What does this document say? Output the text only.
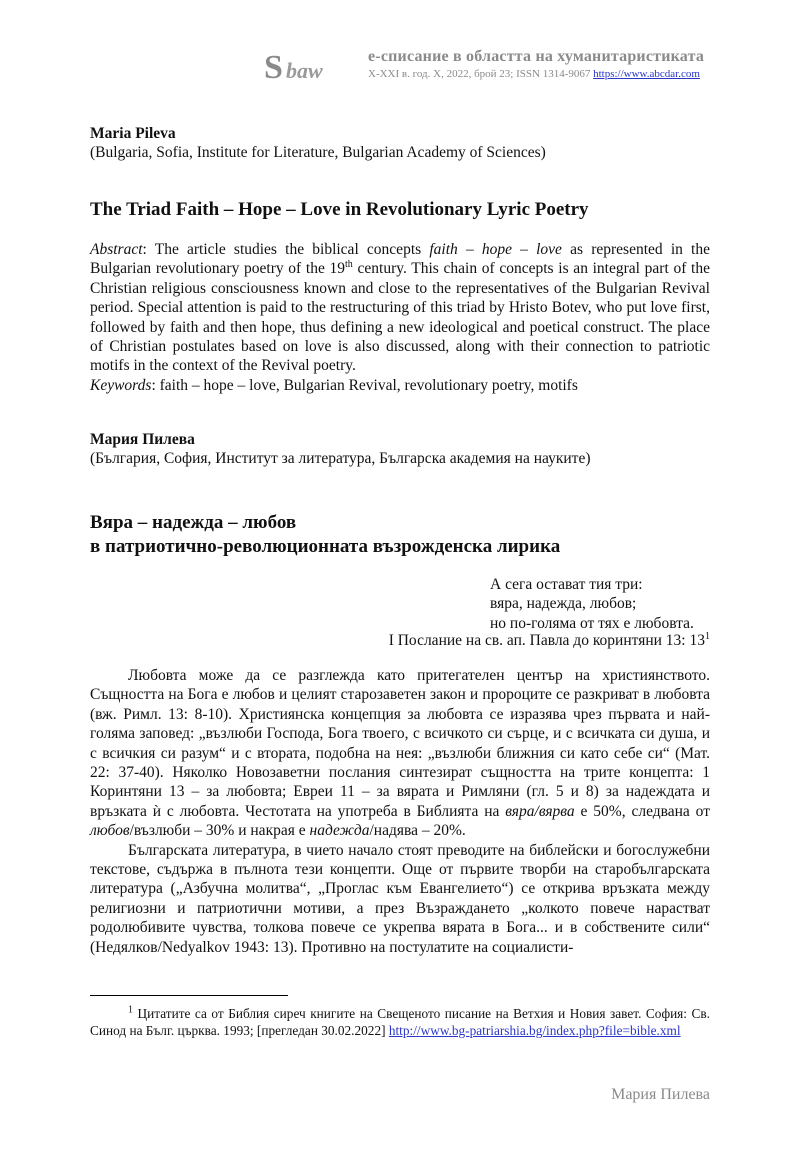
S baw
е-списание в областта на хуманитаристиката
X-XXI в. год. X, 2022, брой 23; ISSN 1314-9067 https://www.abcdar.com
Maria Pileva
(Bulgaria, Sofia, Institute for Literature, Bulgarian Academy of Sciences)
The Triad Faith – Hope – Love in Revolutionary Lyric Poetry

Abstract: The article studies the biblical concepts faith – hope – love as represented in the Bulgarian revolutionary poetry of the 19th century. This chain of concepts is an integral part of the Christian religious consciousness known and close to the representatives of the Bulgarian Revival period. Special attention is paid to the restructuring of this triad by Hristo Botev, who put love first, followed by faith and then hope, thus defining a new ideological and poetical construct. The place of Christian postulates based on love is also discussed, along with their connection to patriotic motifs in the context of the Revival poetry.

Keywords: faith – hope – love, Bulgarian Revival, revolutionary poetry, motifs

Мария Пилева
(България, София, Институт за литература, Българска академия на науките)
Вяра – надежда – любов
в патриотично-революционната възрожденска лирика
А сега остават тия три:
вяра, надежда, любов;
но по-голяма от тях е любовта.
I Послание на св. ап. Павла до коринтяни 13: $13^1$

Любовта може да се разглежда като притегателен център на християнството. Същността на Бога е любов и целият старозаветен закон и пророците се разкриват в любовта (вж. Римл. 13: 8-10). Християнска концепция за любовта се изразява чрез първата и най-голяма заповед: „възлюби Господа, Бога твоего, с всичкото си сърце, и с всичката си душа, и с всичкия си разум“ и с втората, подобна на нея: „възлюби ближния си като себе си“ (Мат. 22: 37-40). Няколко Новозаветни послания синтезират същността на трите концепта: 1 Коринтяни 13 – за любовта; Евреи 11 – за вярата и Римляни (гл. 5 и 8) за надеждата и връзката ѝ с любовта. Честотата на употреба в Библията на вяра/вярва е 50%, следвана от любов/възлюби – 30% и накрая е надежда/надява – 20%.

Българската литература, в чието начало стоят преводите на библейски и богослужебни текстове, съдържа в пълнота тези концепти. Още от първите творби на старобългарската литература („Азбучна молитва“, „Проглас към Евангелието“) се открива връзката между религиозни и патриотични мотиви, а през Възраждането „колкото повече нарастват родолюбивите чувства, толкова повече се укрепва вярата в Бога... и в собствените сили“ (Недялков/Nedyalkov 1943: 13). Противно на постулатите на социалисти-

$^1$ Цитатите са от Библия сиреч книгите на Свещеното писание на Ветхия и Новия завет. София: Св. Синод на Бълг. църква. 1993; [прегледан 30.02.2022] http://www.bg-patriarshia.bg/index.php?file=bible.xml

Мария Пилева
